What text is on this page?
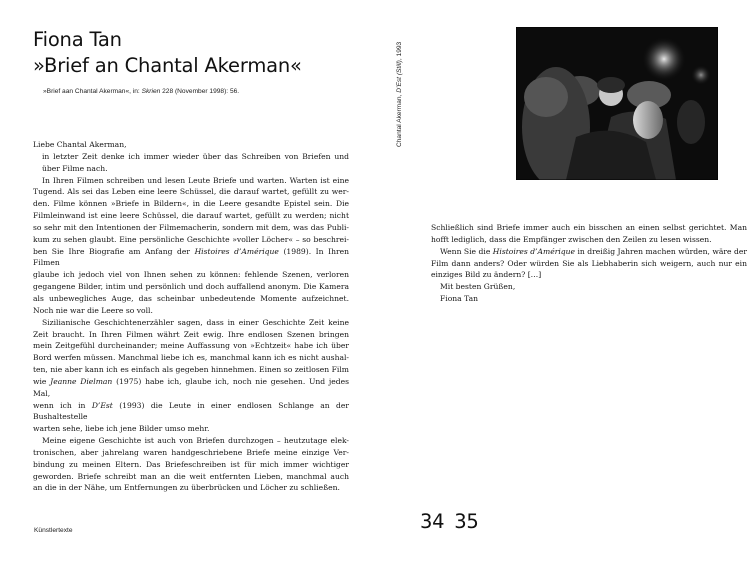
Fiona Tan
»Brief an Chantal Akerman«
»Brief aan Chantal Akerman«, in: Skrien 228 (November 1998): 56.

Liebe Chantal Akerman,

in letzter Zeit denke ich immer wieder über das Schreiben von Briefen und
über Filme nach.

In Ihren Filmen schreiben und lesen Leute Briefe und warten. Warten ist eine
Tugend. Als sei das Leben eine leere Schüssel, die darauf wartet, gefüllt zu wer-
den. Filme können »Briefe in Bildern«, in die Leere gesandte Epistel sein. Die
Filmleinwand ist eine leere Schüssel, die darauf wartet, gefüllt zu werden; nicht
so sehr mit den Intentionen der Filmemacherin, sondern mit dem, was das Publi-
kum zu sehen glaubt. Eine persönliche Geschichte »voller Löcher« – so beschrei-
ben Sie Ihre Biografie am Anfang der Histoires d’Amérique (1989). In Ihren Filmen
glaube ich jedoch viel von Ihnen sehen zu können: fehlende Szenen, verloren
gegangene Bilder, intim und persönlich und doch auffallend anonym. Die Kamera
als unbewegliches Auge, das scheinbar unbedeutende Momente aufzeichnet.
Noch nie war die Leere so voll.

Sizilianische Geschichtenerzähler sagen, dass in einer Geschichte Zeit keine
Zeit braucht. In Ihren Filmen währt Zeit ewig. Ihre endlosen Szenen bringen
mein Zeitgefühl durcheinander; meine Auffassung von »Echtzeit« habe ich über
Bord werfen müssen. Manchmal liebe ich es, manchmal kann ich es nicht aushal-
ten, nie aber kann ich es einfach als gegeben hinnehmen. Einen so zeitlosen Film
wie Jeanne Dielman (1975) habe ich, glaube ich, noch nie gesehen. Und jedes Mal,
wenn ich in D’Est (1993) die Leute in einer endlosen Schlange an der Bushaltestelle
warten sehe, liebe ich jene Bilder umso mehr.

Meine eigene Geschichte ist auch von Briefen durchzogen – heutzutage elek-
tronischen, aber jahrelang waren handgeschriebene Briefe meine einzige Ver-
bindung zu meinen Eltern. Das Briefeschreiben ist für mich immer wichtiger
geworden. Briefe schreibt man an die weit entfernten Lieben, manchmal auch
an die in der Nähe, um Entfernungen zu überbrücken und Löcher zu schließen.

Künstlertexte

Schließlich sind Briefe immer auch ein bisschen an einen selbst gerichtet. Man
hofft lediglich, dass die Empfänger zwischen den Zeilen zu lesen wissen.

Wenn Sie die Histoires d’Amérique in dreißig Jahren machen würden, wäre der
Film dann anders? Oder würden Sie als Liebhaberin sich weigern, auch nur ein
einziges Bild zu ändern? […]

Mit besten Grüßen,
Fiona Tan

Chantal Akerman, D’Est (Still), 1993
34 35
